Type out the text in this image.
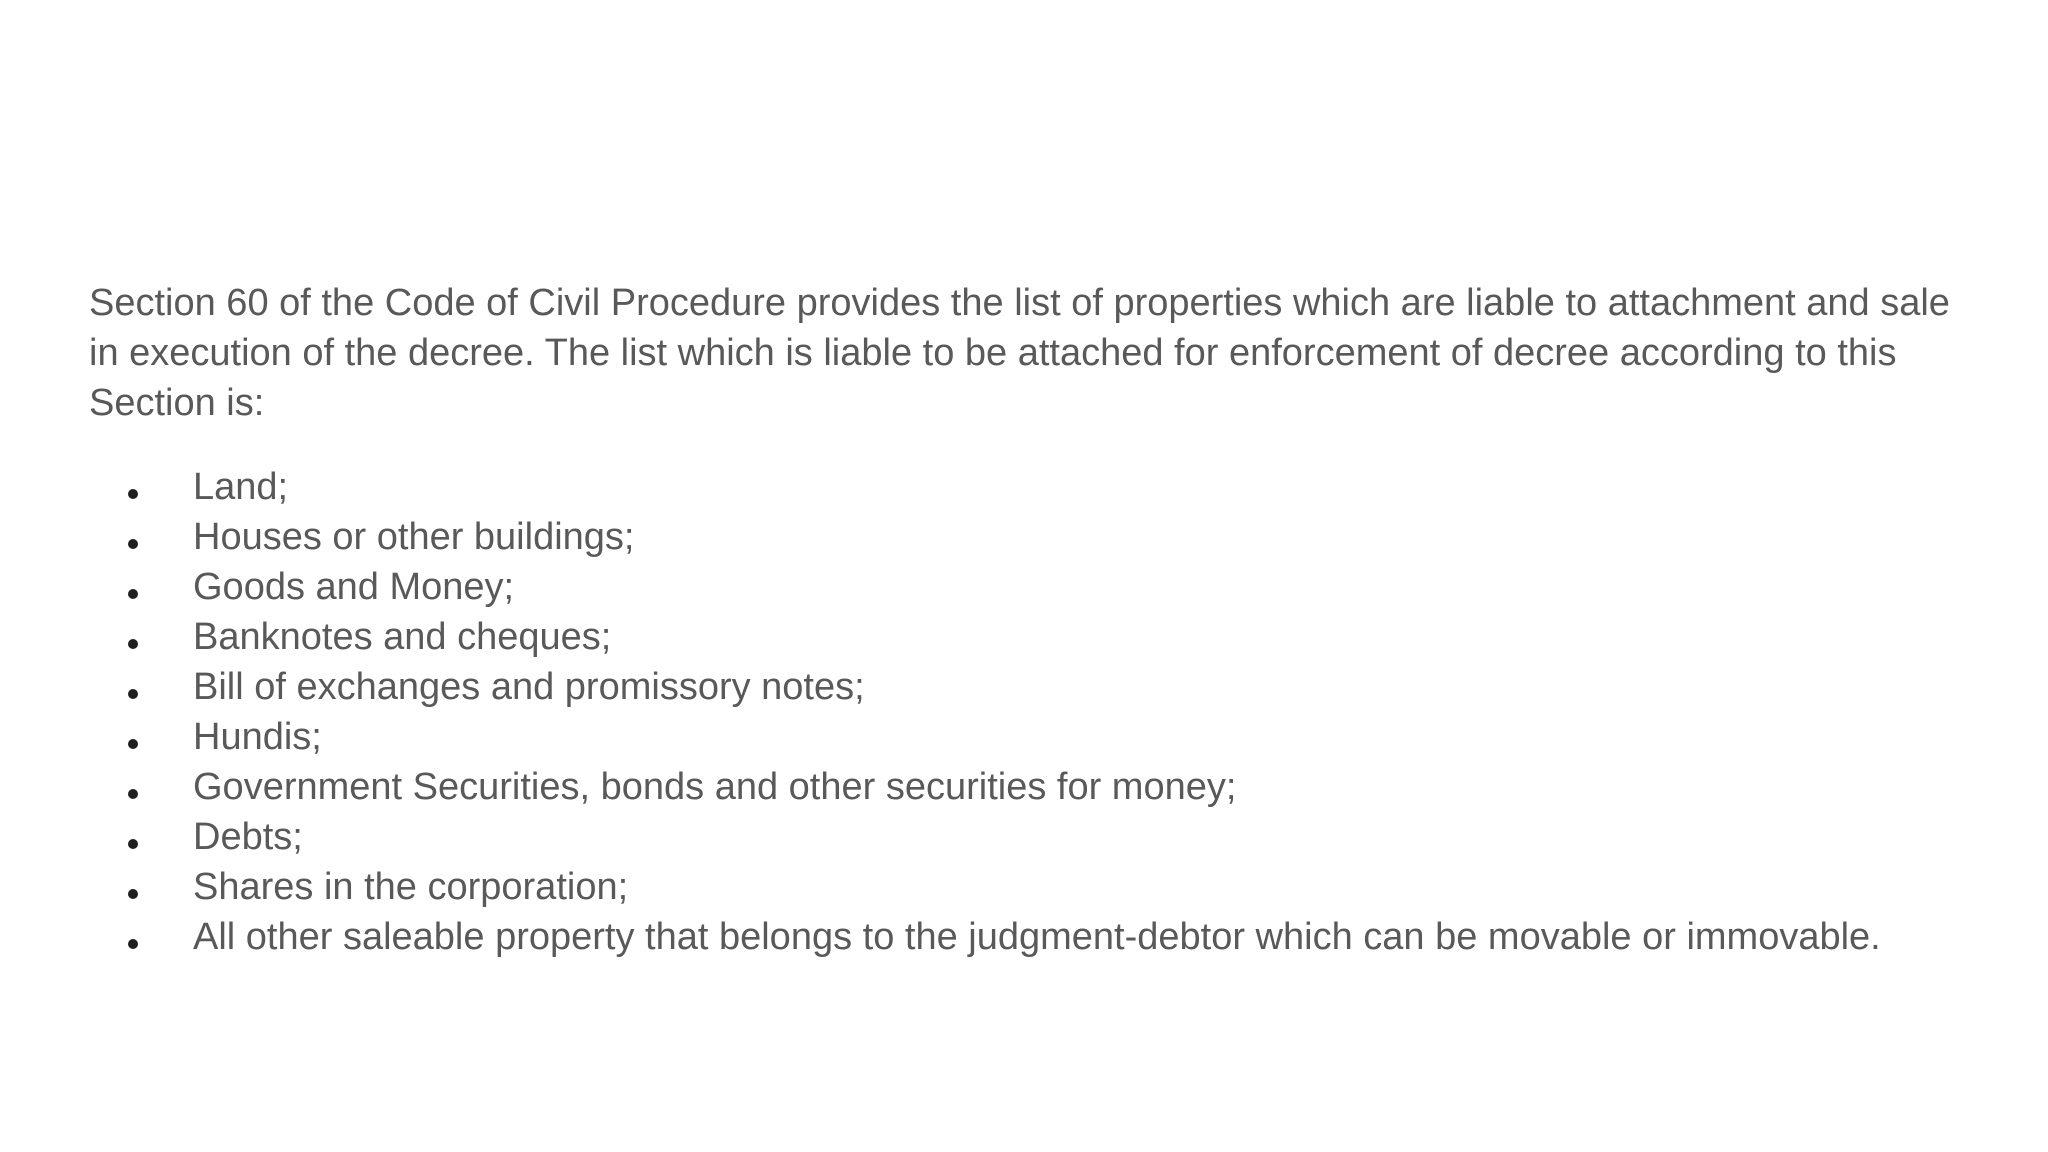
Section 60 of the Code of Civil Procedure provides the list of properties which are liable to attachment and sale in execution of the decree. The list which is liable to be attached for enforcement of decree according to this Section is:

Land;
Houses or other buildings;
Goods and Money;
Banknotes and cheques;
Bill of exchanges and promissory notes;
Hundis;
Government Securities, bonds and other securities for money;
Debts;
Shares in the corporation;
All other saleable property that belongs to the judgment-debtor which can be movable or immovable.
